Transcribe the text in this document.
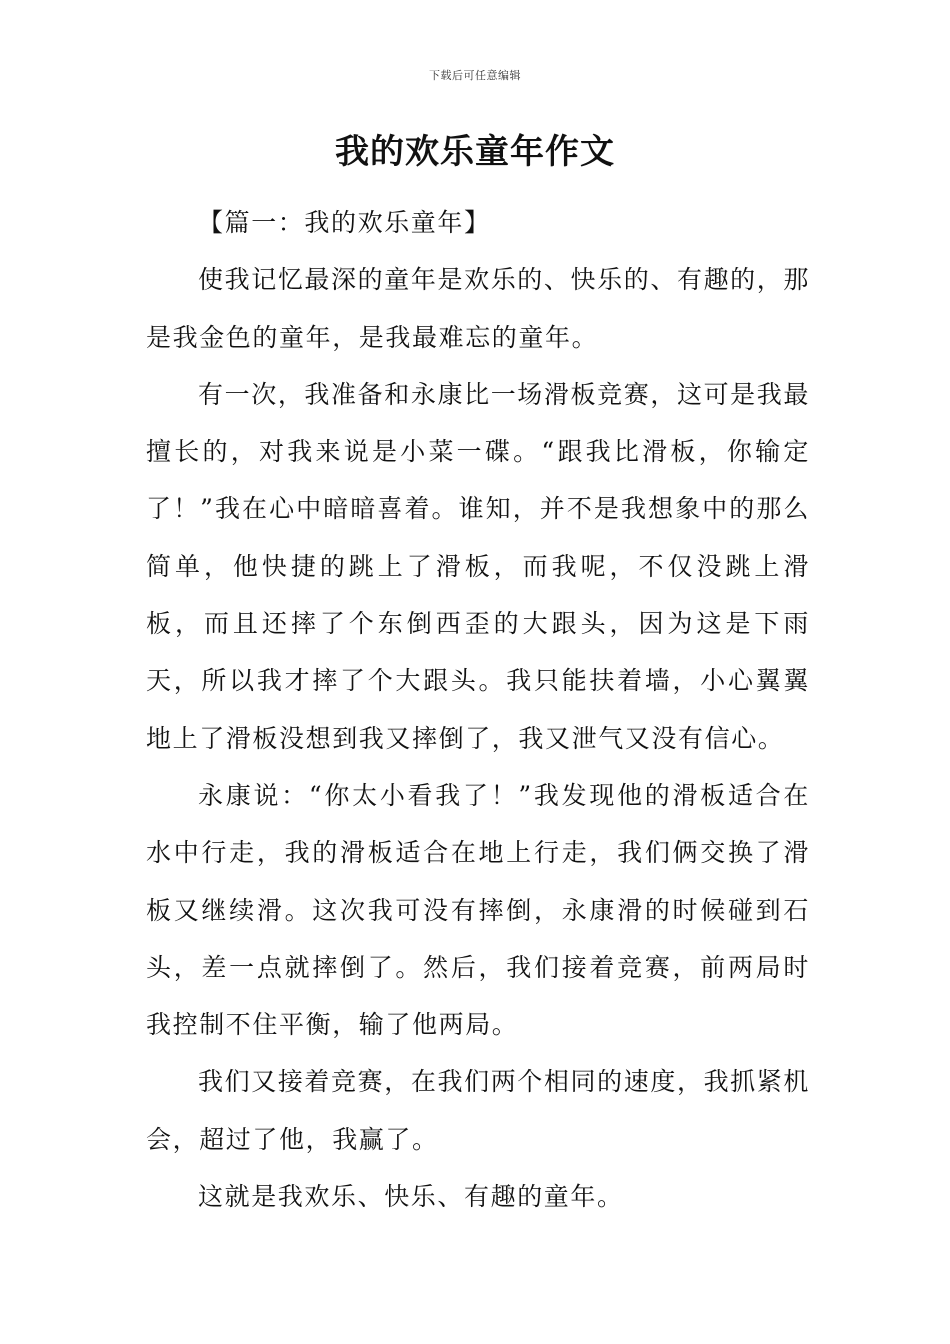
下载后可任意编辑
我的欢乐童年作文

【篇一：我的欢乐童年】

使我记忆最深的童年是欢乐的、快乐的、有趣的，那是我金色的童年，是我最难忘的童年。

有一次，我准备和永康比一场滑板竞赛，这可是我最擅长的，对我来说是小菜一碟。“跟我比滑板，你输定了！”我在心中暗暗喜着。谁知，并不是我想象中的那么简单，他快捷的跳上了滑板，而我呢，不仅没跳上滑板，而且还摔了个东倒西歪的大跟头，因为这是下雨天，所以我才摔了个大跟头。我只能扶着墙，小心翼翼地上了滑板没想到我又摔倒了，我又泄气又没有信心。

永康说：“你太小看我了！”我发现他的滑板适合在水中行走，我的滑板适合在地上行走，我们俩交换了滑板又继续滑。这次我可没有摔倒，永康滑的时候碰到石头，差一点就摔倒了。然后，我们接着竞赛，前两局时我控制不住平衡，输了他两局。

我们又接着竞赛，在我们两个相同的速度，我抓紧机会，超过了他，我赢了。

这就是我欢乐、快乐、有趣的童年。
